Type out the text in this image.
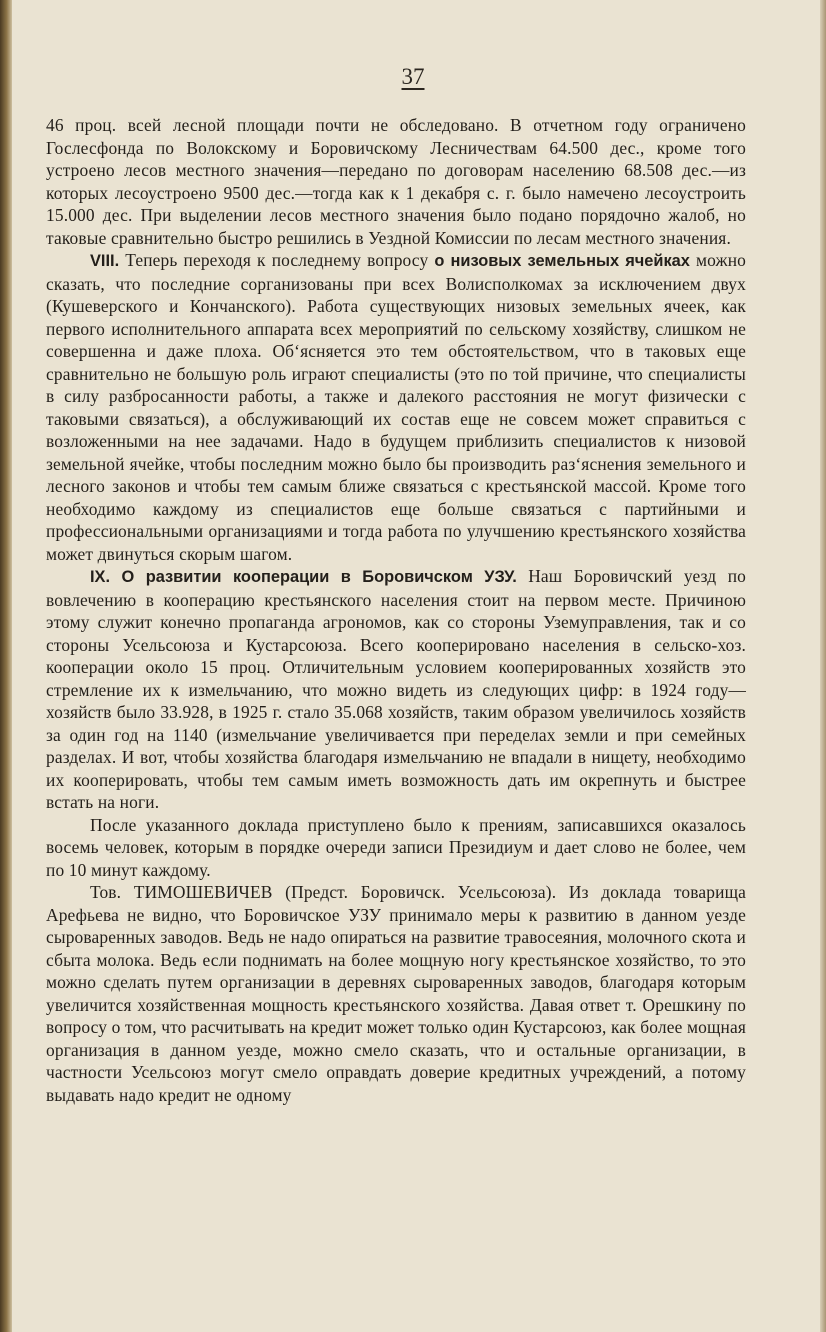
37

46 проц. всей лесной площади почти не обследовано. В отчетном году ограничено Гослесфонда по Волокскому и Боровичскому Лесничествам 64.500 дес., кроме того устроено лесов местного значения—передано по договорам населению 68.508 дес.—из которых лесоустроено 9500 дес.—тогда как к 1 декабря с. г. было намечено лесоустроить 15.000 дес. При выделении лесов местного значения было подано порядочно жалоб, но таковые сравнительно быстро решились в Уездной Комиссии по лесам местного значения.

VIII. Теперь переходя к последнему вопросу о низовых земельных ячейках можно сказать, что последние сорганизованы при всех Волисполкомах за исключением двух (Кушеверского и Кончанского). Работа существующих низовых земельных ячеек, как первого исполнительного аппарата всех мероприятий по сельскому хозяйству, слишком не совершенна и даже плоха. Об‘ясняется это тем обстоятельством, что в таковых еще сравнительно не большую роль играют специалисты (это по той причине, что специалисты в силу разбросанности работы, а также и далекого расстояния не могут физически с таковыми связаться), а обслуживающий их состав еще не совсем может справиться с возложенными на нее задачами. Надо в будущем приблизить специалистов к низовой земельной ячейке, чтобы последним можно было бы производить раз‘яснения земельного и лесного законов и чтобы тем самым ближе связаться с крестьянской массой. Кроме того необходимо каждому из специалистов еще больше связаться с партийными и профессиональными организациями и тогда работа по улучшению крестьянского хозяйства может двинуться скорым шагом.

IX. О развитии кооперации в Боровичском УЗУ. Наш Боровичский уезд по вовлечению в кооперацию крестьянского населения стоит на первом месте. Причиною этому служит конечно пропаганда агрономов, как со стороны Уземуправления, так и со стороны Усельсоюза и Кустарсоюза. Всего кооперировано населения в сельско-хоз. кооперации около 15 проц. Отличительным условием кооперированных хозяйств это стремление их к измельчанию, что можно видеть из следующих цифр: в 1924 году—хозяйств было 33.928, в 1925 г. стало 35.068 хозяйств, таким образом увеличилось хозяйств за один год на 1140 (измельчание увеличивается при переделах земли и при семейных разделах. И вот, чтобы хозяйства благодаря измельчанию не впадали в нищету, необходимо их кооперировать, чтобы тем самым иметь возможность дать им окрепнуть и быстрее встать на ноги.

После указанного доклада приступлено было к прениям, записавшихся оказалось восемь человек, которым в порядке очереди записи Президиум и дает слово не более, чем по 10 минут каждому.

Тов. ТИМОШЕВИЧЕВ (Предст. Боровичск. Усельсоюза). Из доклада товарища Арефьева не видно, что Боровичское УЗУ принимало меры к развитию в данном уезде сыроваренных заводов. Ведь не надо опираться на развитие травосеяния, молочного скота и сбыта молока. Ведь если поднимать на более мощную ногу крестьянское хозяйство, то это можно сделать путем организации в деревнях сыроваренных заводов, благодаря которым увеличится хозяйственная мощность крестьянского хозяйства. Давая ответ т. Орешкину по вопросу о том, что расчитывать на кредит может только один Кустарсоюз, как более мощная организация в данном уезде, можно смело сказать, что и остальные организации, в частности Усельсоюз могут смело оправдать доверие кредитных учреждений, а потому выдавать надо кредит не одному
